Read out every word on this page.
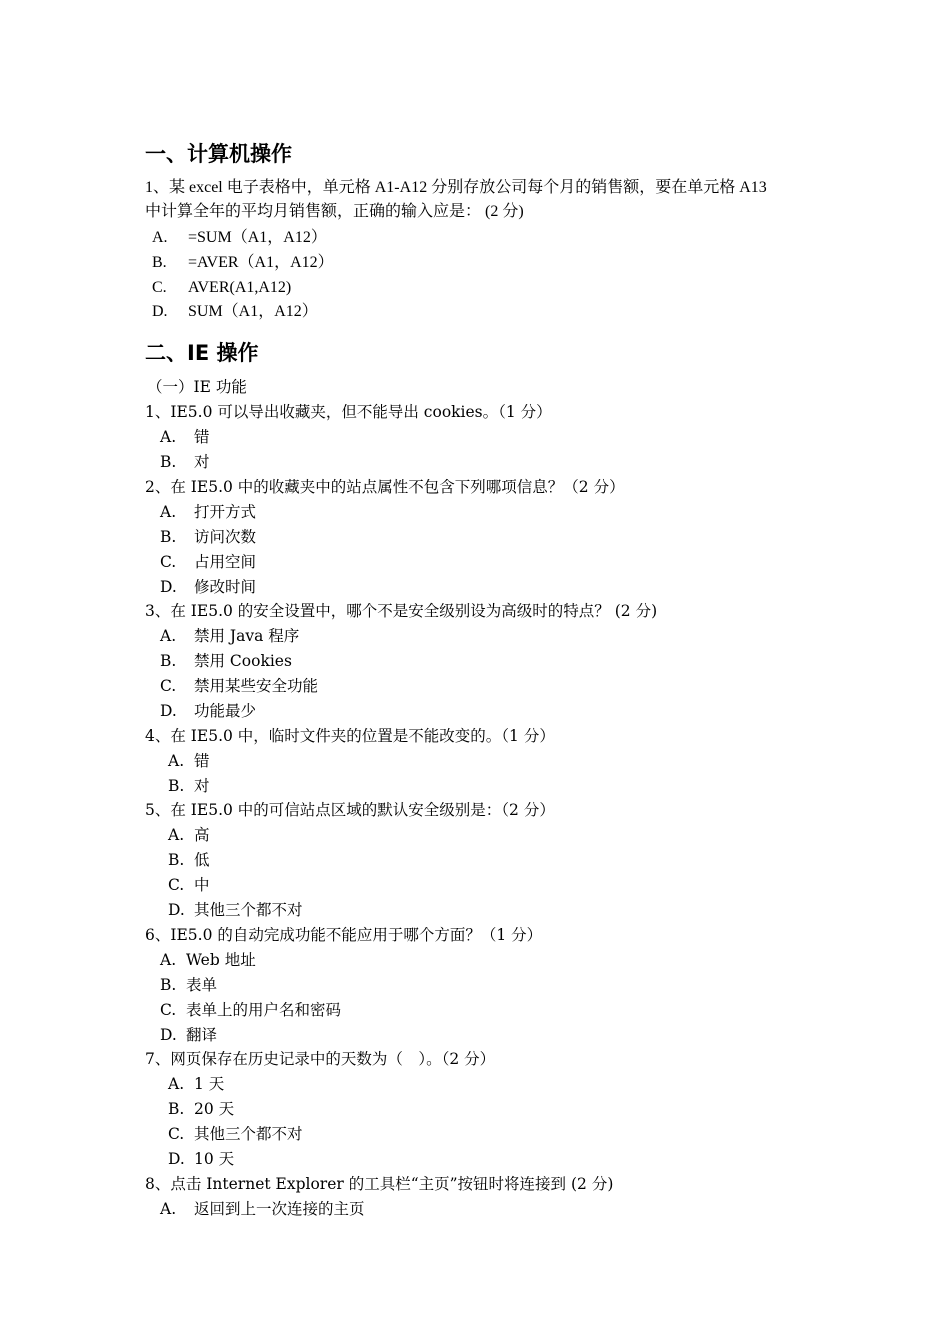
一、计算机操作
1、某 excel 电子表格中，单元格 A1-A12 分别存放公司每个月的销售额，要在单元格 A13
中计算全年的平均月销售额，正确的输入应是： (2 分)
A. =SUM（A1，A12）
B. =AVER（A1，A12）
C. AVER(A1,A12)
D. SUM（A1，A12）
二、IE 操作
（一）IE 功能
1、IE5.0 可以导出收藏夹，但不能导出 cookies。（1 分）
A. 错
B. 对
2、在 IE5.0 中的收藏夹中的站点属性不包含下列哪项信息？（2 分）
A. 打开方式
B. 访问次数
C. 占用空间
D. 修改时间
3、在 IE5.0 的安全设置中，哪个不是安全级别设为高级时的特点？ (2 分)
A. 禁用 Java 程序
B. 禁用 Cookies
C. 禁用某些安全功能
D. 功能最少
4、在 IE5.0 中，临时文件夹的位置是不能改变的。（1 分）
A. 错
B. 对
5、在 IE5.0 中的可信站点区域的默认安全级别是：（2 分）
A. 高
B. 低
C. 中
D. 其他三个都不对
6、IE5.0 的自动完成功能不能应用于哪个方面？（1 分）
A. Web 地址
B. 表单
C. 表单上的用户名和密码
D. 翻译
7、网页保存在历史记录中的天数为（　）。（2 分）
A. 1 天
B. 20 天
C. 其他三个都不对
D. 10 天
8、点击 Internet Explorer 的工具栏“主页”按钮时将连接到 (2 分)
A. 返回到上一次连接的主页
